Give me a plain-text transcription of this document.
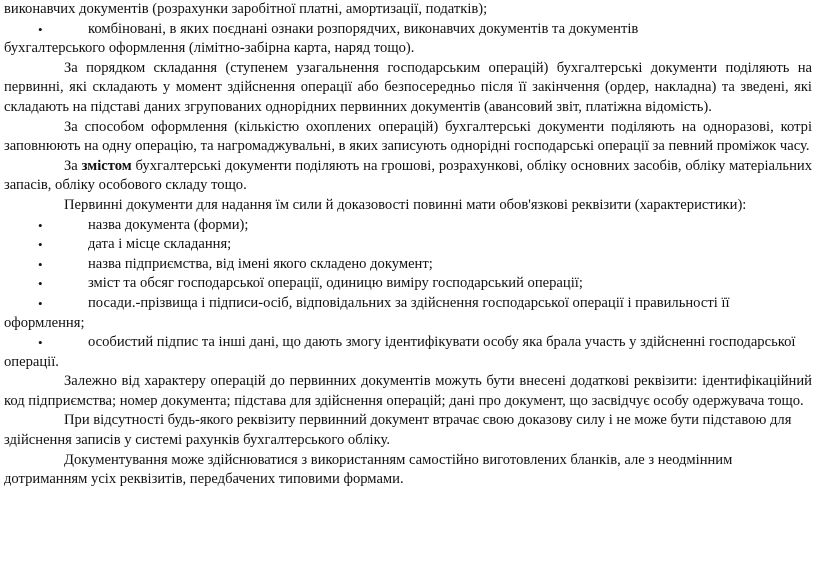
виконавчих документів (розрахунки заробітної платні, амортизації, податків);

•	комбіновані, в яких поєднані ознаки розпорядчих, виконавчих документів та документів

бухгалтерського оформлення (лімітно-забірна карта, наряд тощо).

За порядком складання (ступенем узагальнення господарським операцій) бухгалтерські документи поділяють на первинні, які складають у момент здійснення операції або безпосередньо після її закінчення (ордер, накладна) та зведені, які складають на підставі даних згрупованих однорідних первинних документів (авансовий звіт, платіжна відомість).

За способом оформлення (кількістю охоплених операцій) бухгалтерські документи поділяють на одноразові, котрі заповнюють на одну операцію, та нагромаджувальні, в яких записують однорідні господарські операції за певний проміжок часу.

За змістом бухгалтерські документи поділяють на грошові, розрахункові, обліку основних засобів, обліку матеріальних запасів, обліку особового складу тощо.

Первинні документи для надання їм сили й доказовості повинні мати обов'язкові реквізити (характеристики):

•	назва документа (форми);
•	дата і місце складання;
•	назва підприємства, від імені якого складено документ;
•	зміст та обсяг господарської операції, одиницю виміру господарський операції;
•	посади.-прізвища і підписи-осіб, відповідальних за здійснення господарської операції і правильності її оформлення;
•	особистий підпис та інші дані, що дають змогу ідентифікувати особу яка брала участь у здійсненні господарської операції.

Залежно від характеру операцій до первинних документів можуть бути внесені додаткові реквізити: ідентифікаційний код підприємства; номер документа; підстава для здійснення операцій; дані про документ, що засвідчує особу одержувача тощо.

При відсутності будь-якого реквізиту первинний документ втрачає свою доказову силу і не може бути підставою для здійснення записів у системі рахунків бухгалтерського обліку.

Документування може здійснюватися з використанням самостійно виготовлених бланків, але з неодмінним дотриманням усіх реквізитів, передбачених типовими формами.
